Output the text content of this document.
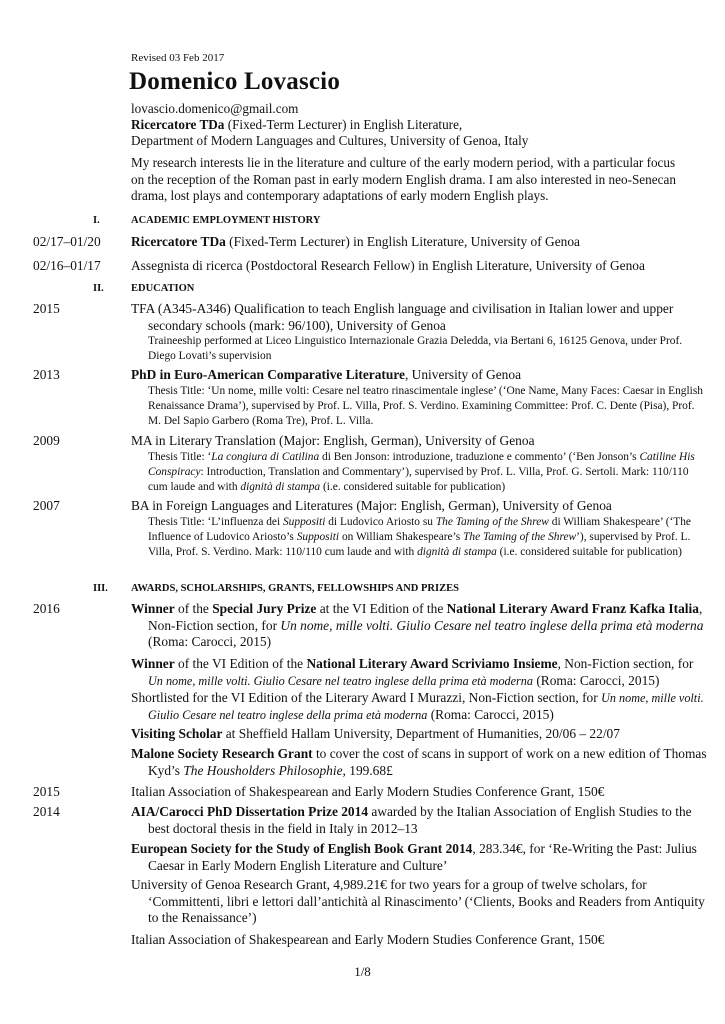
Revised 03 Feb 2017
Domenico Lovascio
lovascio.domenico@gmail.com
Ricercatore TDa (Fixed-Term Lecturer) in English Literature,
Department of Modern Languages and Cultures, University of Genoa, Italy
My research interests lie in the literature and culture of the early modern period, with a particular focus on the reception of the Roman past in early modern English drama. I am also interested in neo-Senecan drama, lost plays and contemporary adaptations of early modern English plays.
I.	ACADEMIC EMPLOYMENT HISTORY
02/17–01/20 Ricercatore TDa (Fixed-Term Lecturer) in English Literature, University of Genoa
02/16–01/17 Assegnista di ricerca (Postdoctoral Research Fellow) in English Literature, University of Genoa
II.	EDUCATION
2015	TFA (A345-A346) Qualification to teach English language and civilisation in Italian lower and upper secondary schools (mark: 96/100), University of Genoa
Traineeship performed at Liceo Linguistico Internazionale Grazia Deledda, via Bertani 6, 16125 Genova, under Prof. Diego Lovati’s supervision
2013	PhD in Euro-American Comparative Literature, University of Genoa
Thesis Title: ‘Un nome, mille volti: Cesare nel teatro rinascimentale inglese’ (‘One Name, Many Faces: Caesar in English Renaissance Drama’), supervised by Prof. L. Villa, Prof. S. Verdino. Examining Committee: Prof. C. Dente (Pisa), Prof. M. Del Sapio Garbero (Roma Tre), Prof. L. Villa.
2009	MA in Literary Translation (Major: English, German), University of Genoa
Thesis Title: ‘La congiura di Catilina di Ben Jonson: introduzione, traduzione e commento’ (‘Ben Jonson’s Catiline His Conspiracy: Introduction, Translation and Commentary’), supervised by Prof. L. Villa, Prof. G. Sertoli. Mark: 110/110 cum laude and with dignità di stampa (i.e. considered suitable for publication)
2007	BA in Foreign Languages and Literatures (Major: English, German), University of Genoa
Thesis Title: ‘L’influenza dei Suppositi di Ludovico Ariosto su The Taming of the Shrew di William Shakespeare’ (‘The Influence of Ludovico Ariosto’s Suppositi on William Shakespeare’s The Taming of the Shrew’), supervised by Prof. L. Villa, Prof. S. Verdino. Mark: 110/110 cum laude and with dignità di stampa (i.e. considered suitable for publication)
III. AWARDS, SCHOLARSHIPS, GRANTS, FELLOWSHIPS AND PRIZES
2016	Winner of the Special Jury Prize at the VI Edition of the National Literary Award Franz Kafka Italia, Non-Fiction section, for Un nome, mille volti. Giulio Cesare nel teatro inglese della prima età moderna (Roma: Carocci, 2015)
Winner of the VI Edition of the National Literary Award Scriviamo Insieme, Non-Fiction section, for Un nome, mille volti. Giulio Cesare nel teatro inglese della prima età moderna (Roma: Carocci, 2015)
Shortlisted for the VI Edition of the Literary Award I Murazzi, Non-Fiction section, for Un nome, mille volti. Giulio Cesare nel teatro inglese della prima età moderna (Roma: Carocci, 2015)
Visiting Scholar at Sheffield Hallam University, Department of Humanities, 20/06 – 22/07
Malone Society Research Grant to cover the cost of scans in support of work on a new edition of Thomas Kyd’s The Housholders Philosophie, 199.68£
2015	Italian Association of Shakespearean and Early Modern Studies Conference Grant, 150€
2014	AIA/Carocci PhD Dissertation Prize 2014 awarded by the Italian Association of English Studies to the best doctoral thesis in the field in Italy in 2012–13
European Society for the Study of English Book Grant 2014, 283.34€, for ‘Re-Writing the Past: Julius Caesar in Early Modern English Literature and Culture’
University of Genoa Research Grant, 4,989.21€ for two years for a group of twelve scholars, for ‘Committenti, libri e lettori dall’antichità al Rinascimento’ (‘Clients, Books and Readers from Antiquity to the Renaissance’)
Italian Association of Shakespearean and Early Modern Studies Conference Grant, 150€
1/8
